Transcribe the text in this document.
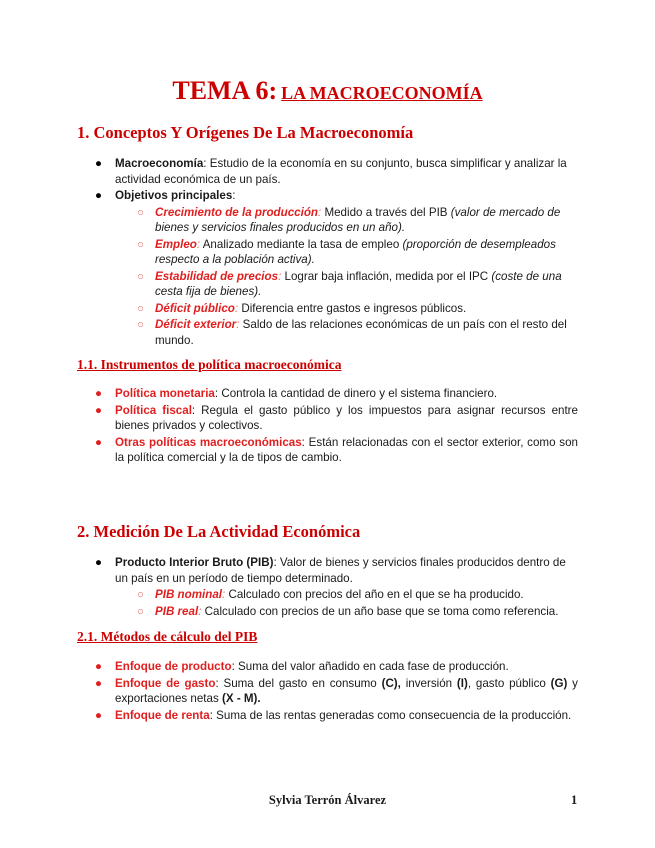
TEMA 6: LA MACROECONOMÍA
1. Conceptos Y Orígenes De La Macroeconomía
● Macroeconomía: Estudio de la economía en su conjunto, busca simplificar y analizar la actividad económica de un país.
● Objetivos principales:
○ Crecimiento de la producción: Medido a través del PIB (valor de mercado de bienes y servicios finales producidos en un año).
○ Empleo: Analizado mediante la tasa de empleo (proporción de desempleados respecto a la población activa).
○ Estabilidad de precios: Lograr baja inflación, medida por el IPC (coste de una cesta fija de bienes).
○ Déficit público: Diferencia entre gastos e ingresos públicos.
○ Déficit exterior: Saldo de las relaciones económicas de un país con el resto del mundo.
1.1. Instrumentos de política macroeconómica
● Política monetaria: Controla la cantidad de dinero y el sistema financiero.
● Política fiscal: Regula el gasto público y los impuestos para asignar recursos entre bienes privados y colectivos.
● Otras políticas macroeconómicas: Están relacionadas con el sector exterior, como son la política comercial y la de tipos de cambio.
2. Medición De La Actividad Económica
● Producto Interior Bruto (PIB): Valor de bienes y servicios finales producidos dentro de un país en un período de tiempo determinado.
○ PIB nominal: Calculado con precios del año en el que se ha producido.
○ PIB real: Calculado con precios de un año base que se toma como referencia.
2.1. Métodos de cálculo del PIB
● Enfoque de producto: Suma del valor añadido en cada fase de producción.
● Enfoque de gasto: Suma del gasto en consumo (C), inversión (I), gasto público (G) y exportaciones netas (X - M).
● Enfoque de renta: Suma de las rentas generadas como consecuencia de la producción.
Sylvia Terrón Álvarez	1
